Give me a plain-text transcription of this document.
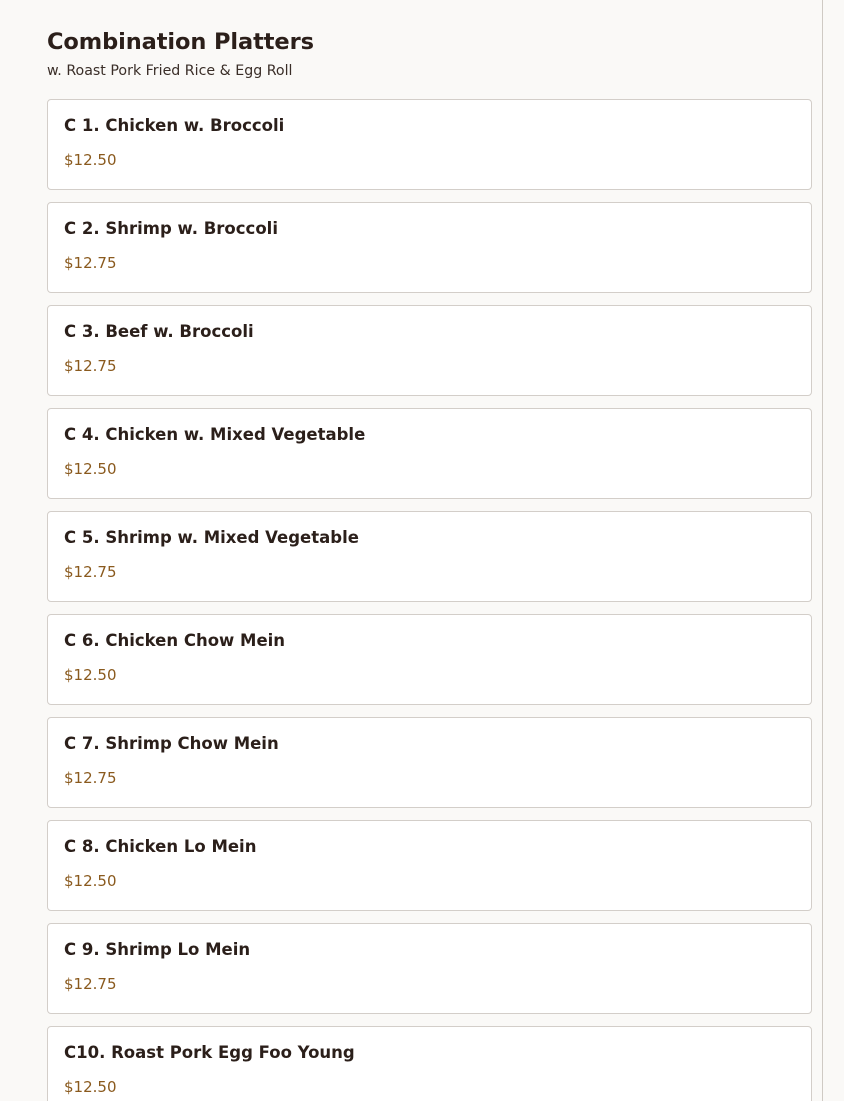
Combination Platters

w. Roast Pork Fried Rice & Egg Roll

C 1. Chicken w. Broccoli
$12.50
C 2. Shrimp w. Broccoli
$12.75
C 3. Beef w. Broccoli
$12.75
C 4. Chicken w. Mixed Vegetable
$12.50
C 5. Shrimp w. Mixed Vegetable
$12.75
C 6. Chicken Chow Mein
$12.50
C 7. Shrimp Chow Mein
$12.75
C 8. Chicken Lo Mein
$12.50
C 9. Shrimp Lo Mein
$12.75
C10. Roast Pork Egg Foo Young
$12.50
